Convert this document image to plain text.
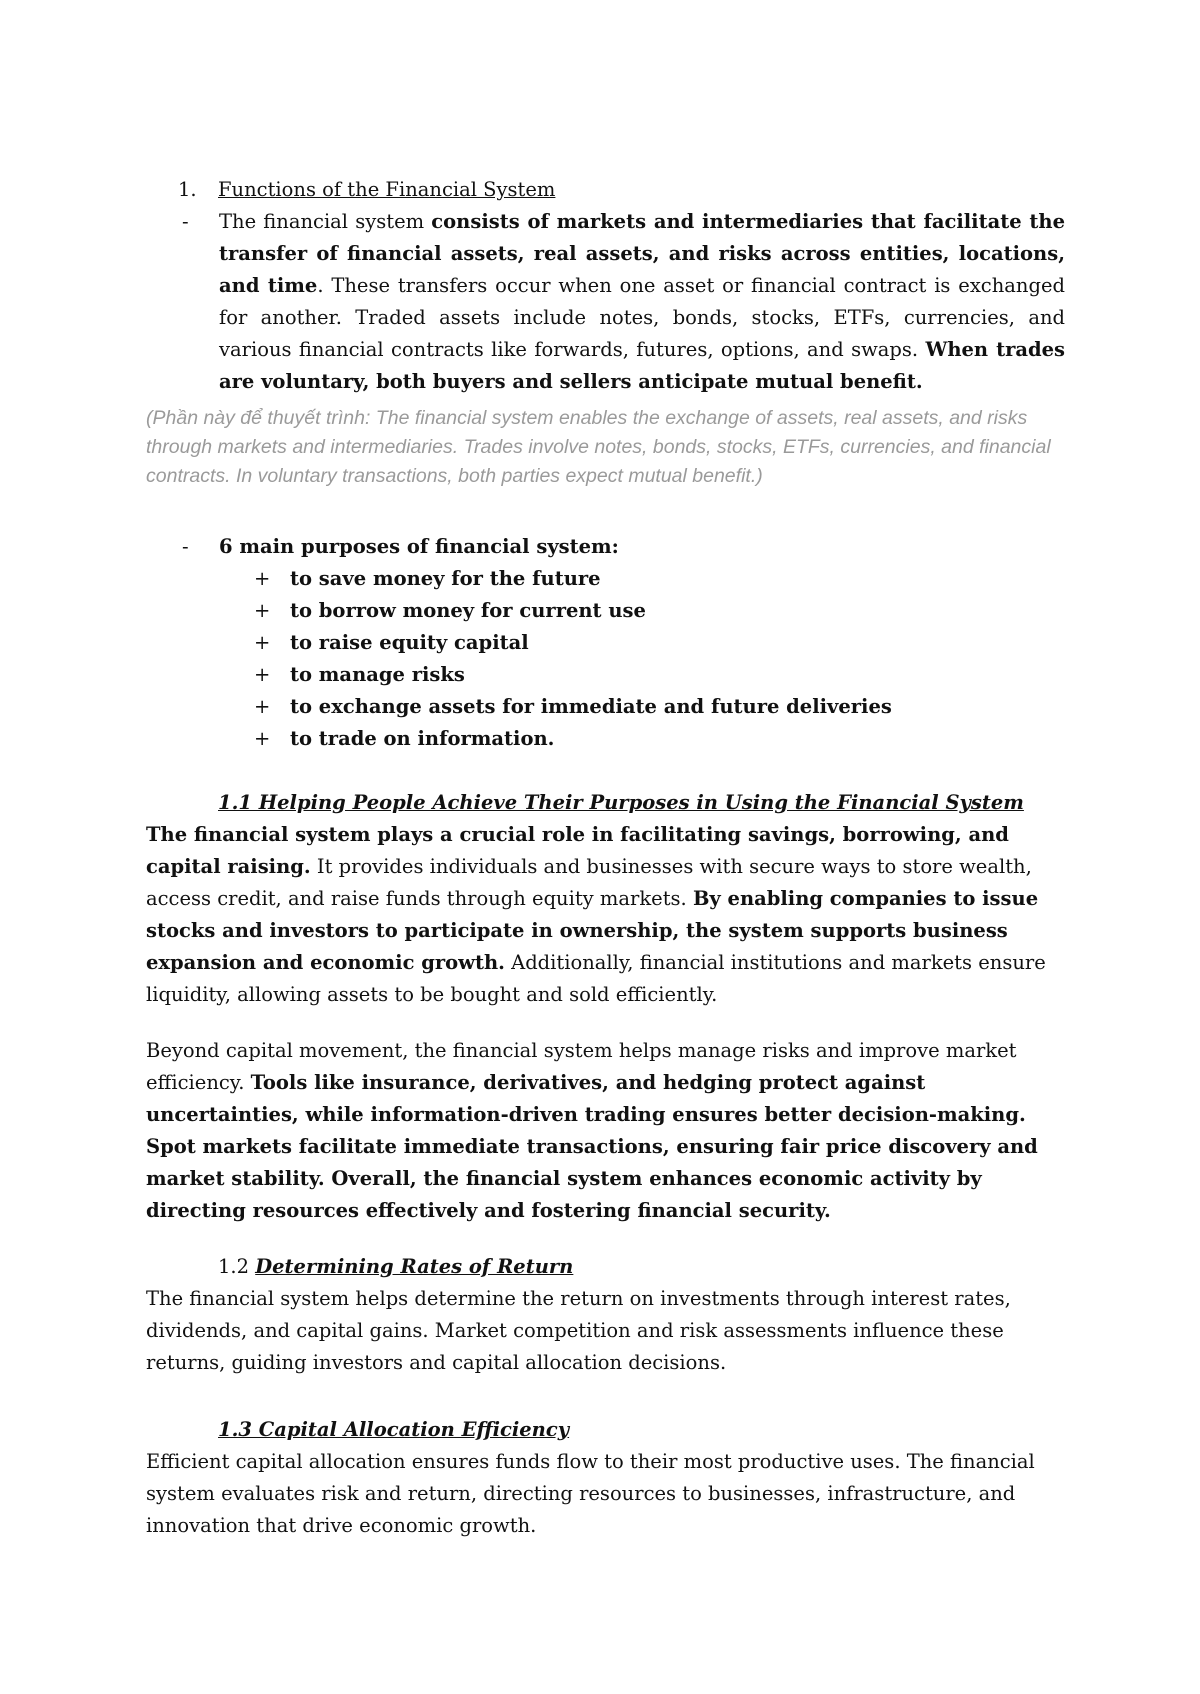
1. Functions of the Financial System
- The financial system consists of markets and intermediaries that facilitate the transfer of financial assets, real assets, and risks across entities, locations, and time. These transfers occur when one asset or financial contract is exchanged for another. Traded assets include notes, bonds, stocks, ETFs, currencies, and various financial contracts like forwards, futures, options, and swaps. When trades are voluntary, both buyers and sellers anticipate mutual benefit.
(Phần này để thuyết trình: The financial system enables the exchange of assets, real assets, and risks through markets and intermediaries. Trades involve notes, bonds, stocks, ETFs, currencies, and financial contracts. In voluntary transactions, both parties expect mutual benefit.)
- 6 main purposes of financial system:
+ to save money for the future
+ to borrow money for current use
+ to raise equity capital
+ to manage risks
+ to exchange assets for immediate and future deliveries
+ to trade on information.
1.1 Helping People Achieve Their Purposes in Using the Financial System
The financial system plays a crucial role in facilitating savings, borrowing, and capital raising. It provides individuals and businesses with secure ways to store wealth, access credit, and raise funds through equity markets. By enabling companies to issue stocks and investors to participate in ownership, the system supports business expansion and economic growth. Additionally, financial institutions and markets ensure liquidity, allowing assets to be bought and sold efficiently.
Beyond capital movement, the financial system helps manage risks and improve market efficiency. Tools like insurance, derivatives, and hedging protect against uncertainties, while information-driven trading ensures better decision-making. Spot markets facilitate immediate transactions, ensuring fair price discovery and market stability. Overall, the financial system enhances economic activity by directing resources effectively and fostering financial security.
1.2 Determining Rates of Return
The financial system helps determine the return on investments through interest rates, dividends, and capital gains. Market competition and risk assessments influence these returns, guiding investors and capital allocation decisions.
1.3 Capital Allocation Efficiency
Efficient capital allocation ensures funds flow to their most productive uses. The financial system evaluates risk and return, directing resources to businesses, infrastructure, and innovation that drive economic growth.
